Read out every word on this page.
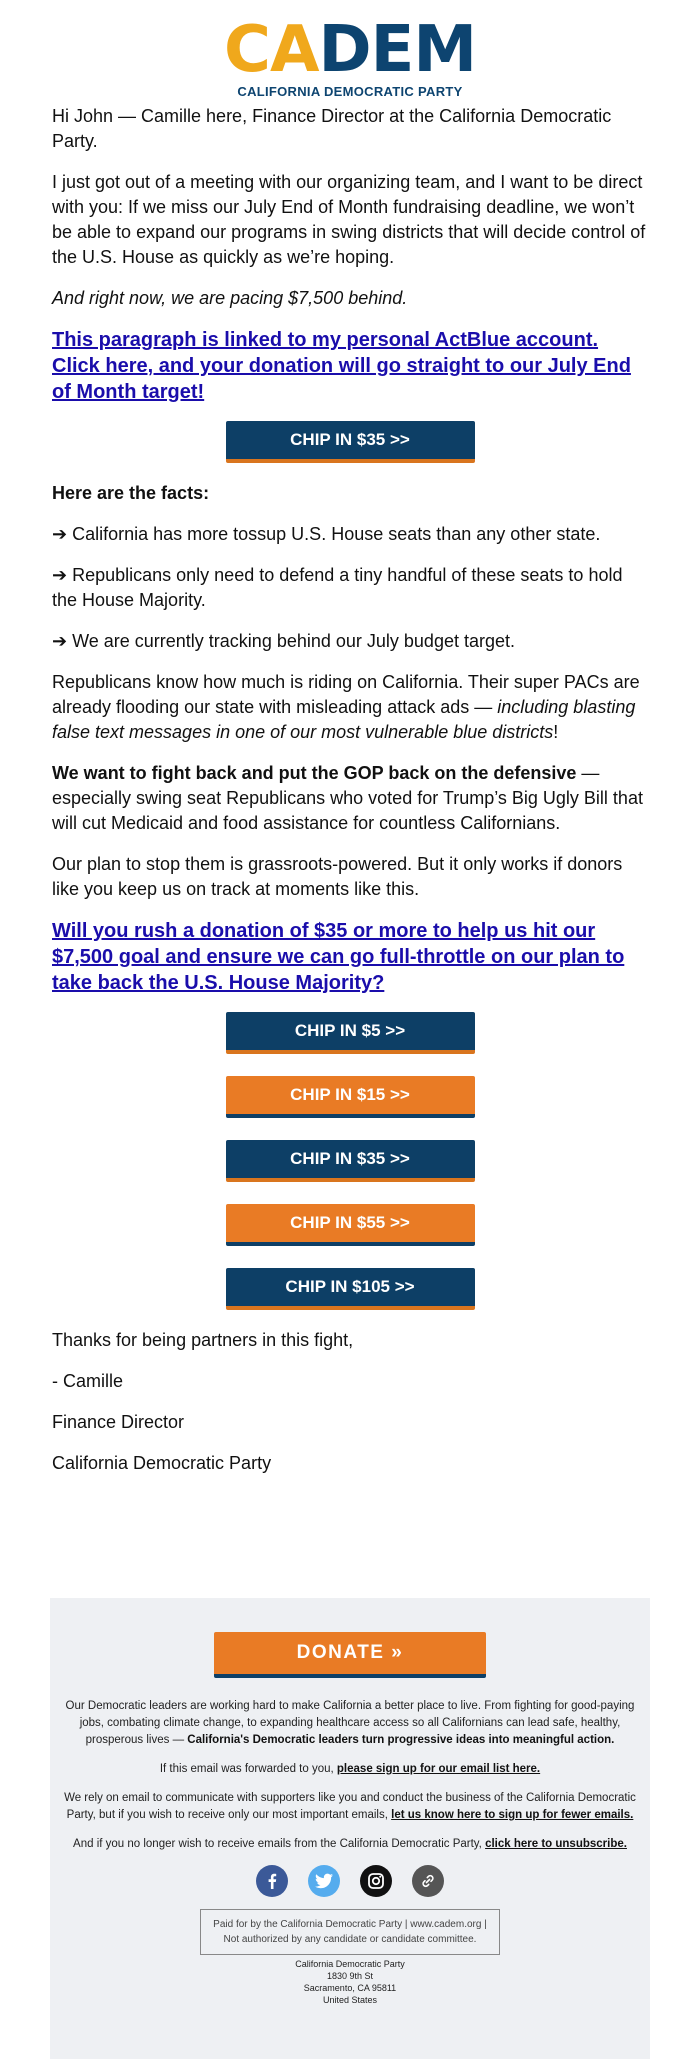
CADEM
CALIFORNIA DEMOCRATIC PARTY

Hi John — Camille here, Finance Director at the California Democratic Party.

I just got out of a meeting with our organizing team, and I want to be direct with you: If we miss our July End of Month fundraising deadline, we won’t be able to expand our programs in swing districts that will decide control of the U.S. House as quickly as we’re hoping.

And right now, we are pacing $7,500 behind.

This paragraph is linked to my personal ActBlue account. Click here, and your donation will go straight to our July End of Month target!
CHIP IN $35 >>

Here are the facts:

➔ California has more tossup U.S. House seats than any other state.

➔ Republicans only need to defend a tiny handful of these seats to hold the House Majority.

➔ We are currently tracking behind our July budget target.

Republicans know how much is riding on California. Their super PACs are already flooding our state with misleading attack ads — including blasting false text messages in one of our most vulnerable blue districts!

We want to fight back and put the GOP back on the defensive — especially swing seat Republicans who voted for Trump’s Big Ugly Bill that will cut Medicaid and food assistance for countless Californians.

Our plan to stop them is grassroots-powered. But it only works if donors like you keep us on track at moments like this.

Will you rush a donation of $35 or more to help us hit our $7,500 goal and ensure we can go full-throttle on our plan to take back the U.S. House Majority?
CHIP IN $5 >>
CHIP IN $15 >>
CHIP IN $35 >>
CHIP IN $55 >>
CHIP IN $105 >>

Thanks for being partners in this fight,

- Camille

Finance Director

California Democratic Party

DONATE »

Our Democratic leaders are working hard to make California a better place to live. From fighting for good-paying jobs, combating climate change, to expanding healthcare access so all Californians can lead safe, healthy, prosperous lives — California's Democratic leaders turn progressive ideas into meaningful action.

If this email was forwarded to you, please sign up for our email list here.

We rely on email to communicate with supporters like you and conduct the business of the California Democratic Party, but if you wish to receive only our most important emails, let us know here to sign up for fewer emails.

And if you no longer wish to receive emails from the California Democratic Party, click here to unsubscribe.

Paid for by the California Democratic Party | www.cadem.org |
Not authorized by any candidate or candidate committee.
California Democratic Party
1830 9th St
Sacramento, CA 95811
United States
